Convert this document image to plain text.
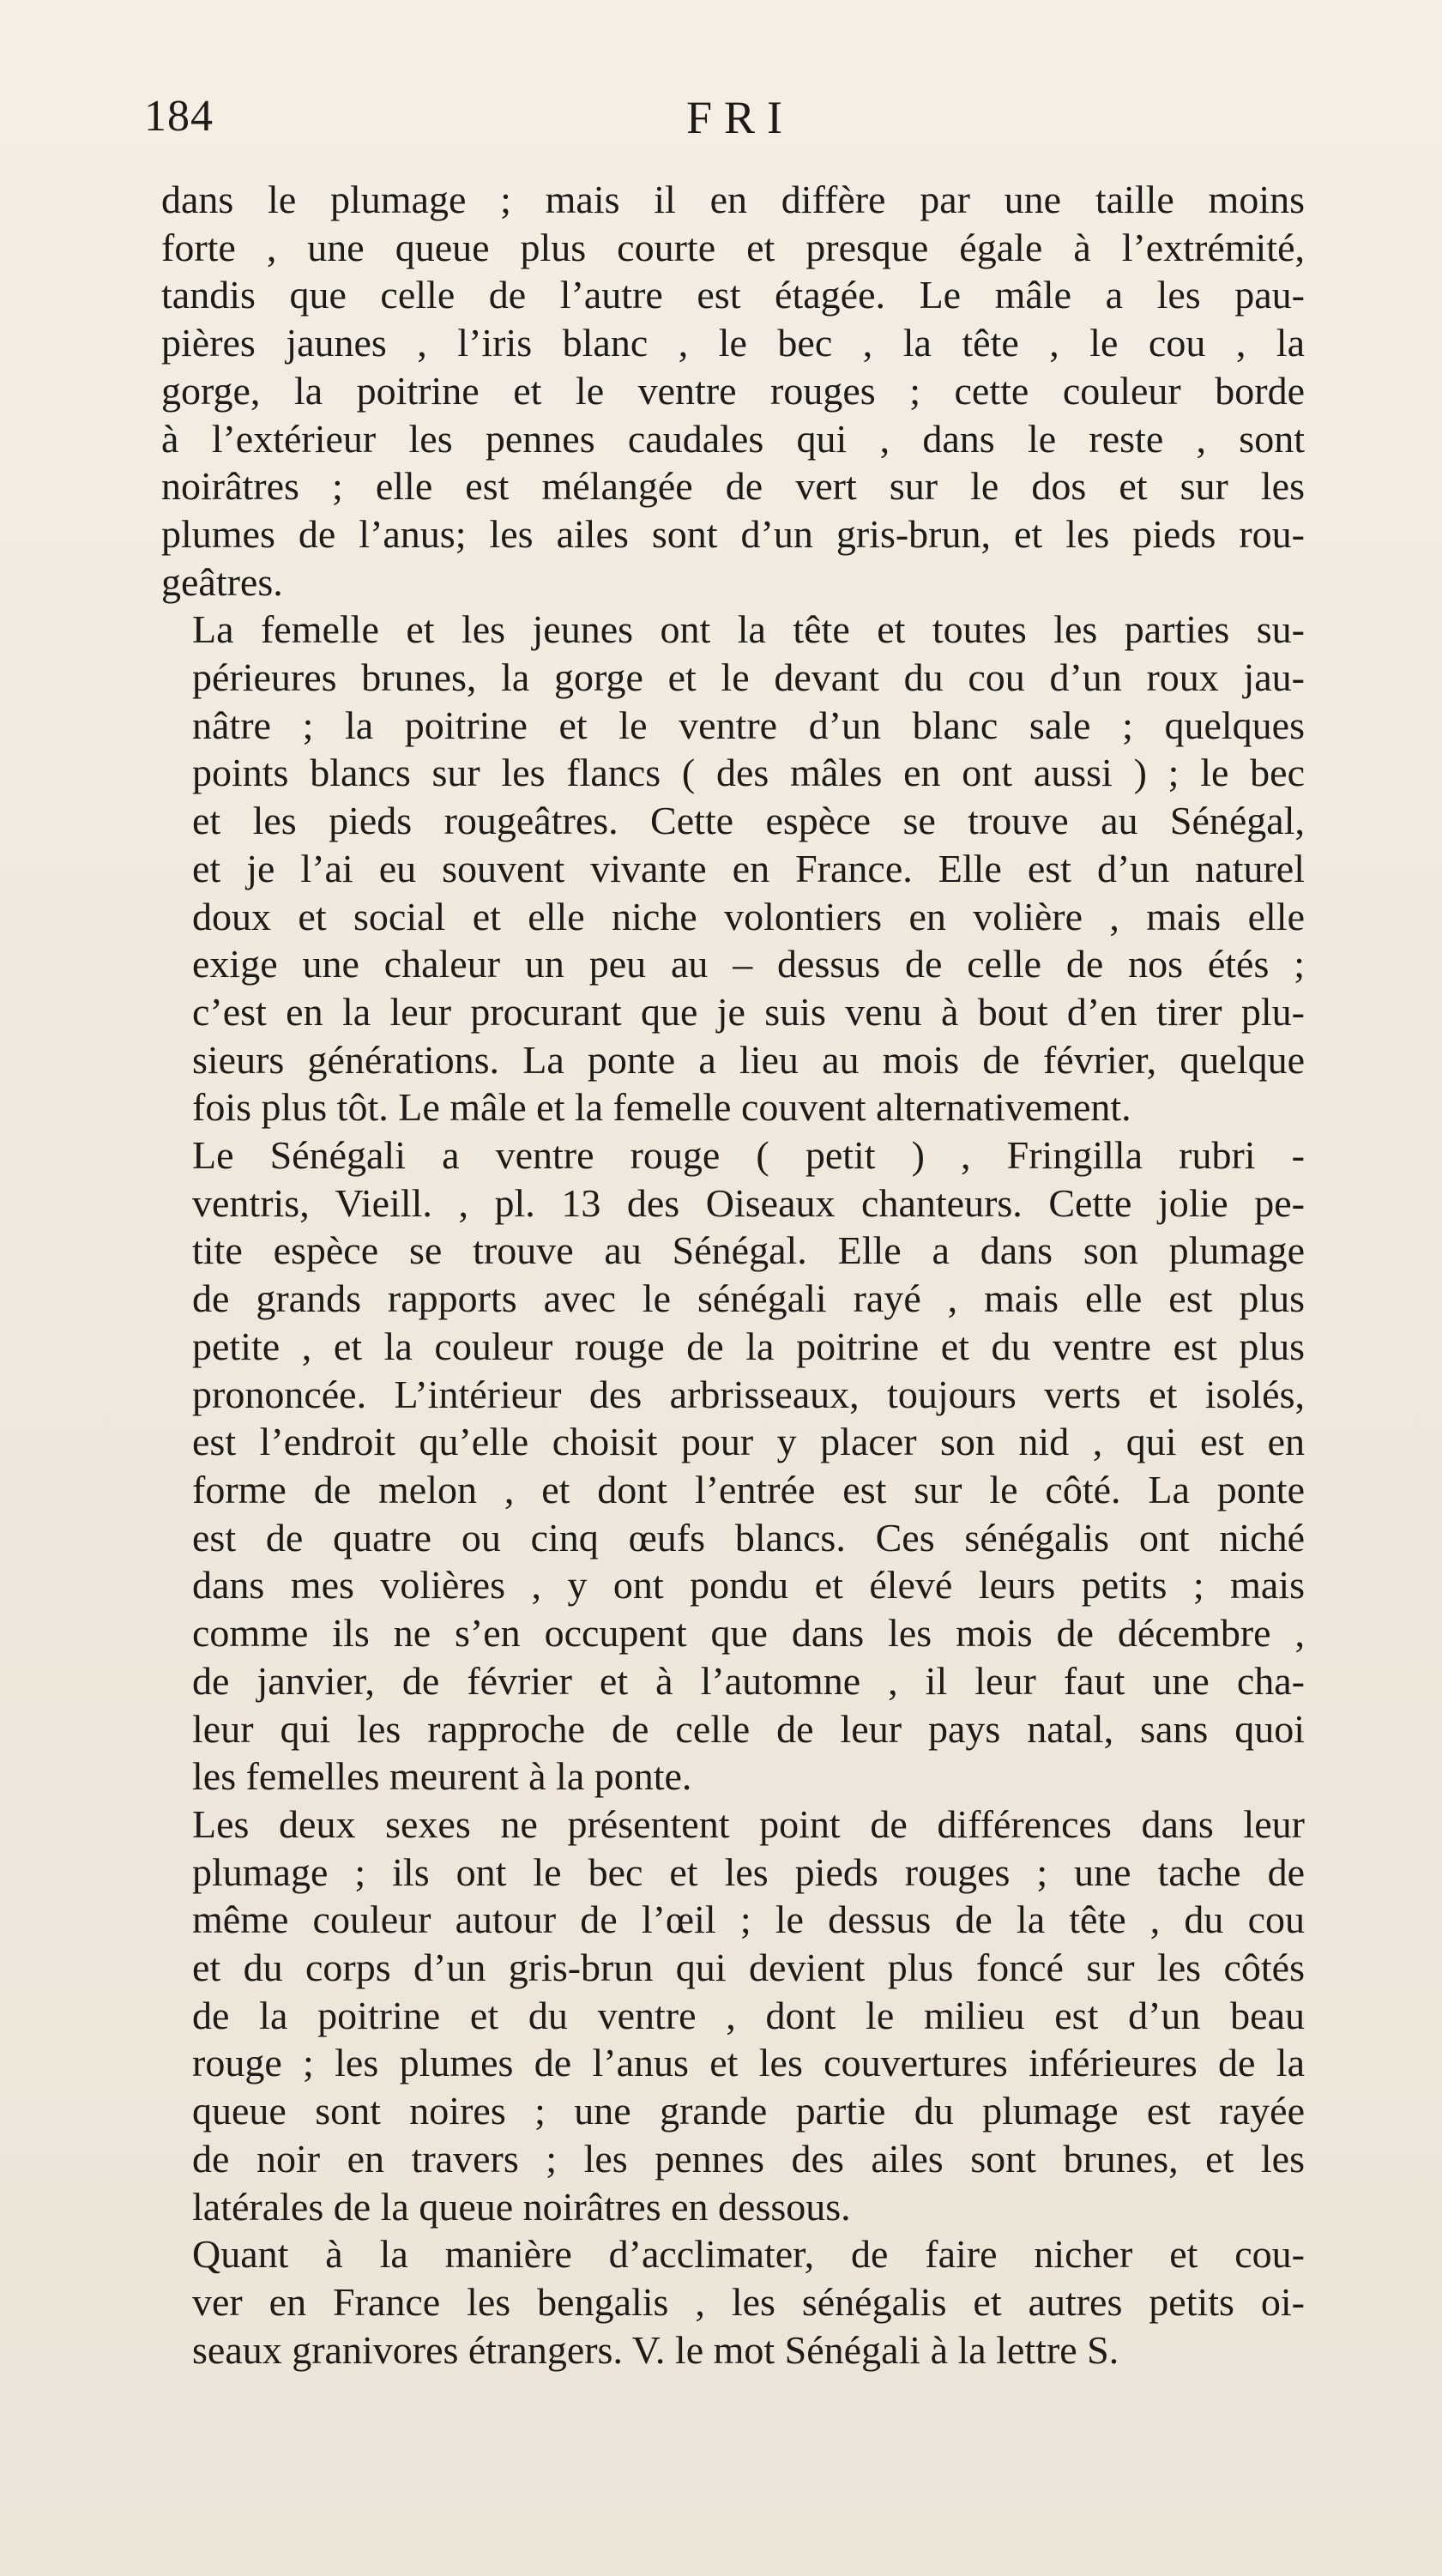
184	FRI

dans le plumage ; mais il en diffère par une taille moins
forte , une queue plus courte et presque égale à l’extrémité,
tandis que celle de l’autre est étagée. Le mâle a les pau-
pières jaunes , l’iris blanc , le bec , la tête , le cou , la
gorge, la poitrine et le ventre rouges ; cette couleur borde
à l’extérieur les pennes caudales qui , dans le reste , sont
noirâtres ; elle est mélangée de vert sur le dos et sur les
plumes de l’anus; les ailes sont d’un gris-brun, et les pieds rou-
geâtres.

La femelle et les jeunes ont la tête et toutes les parties su-
périeures brunes, la gorge et le devant du cou d’un roux jau-
nâtre ; la poitrine et le ventre d’un blanc sale ; quelques
points blancs sur les flancs ( des mâles en ont aussi ) ; le bec
et les pieds rougeâtres. Cette espèce se trouve au Sénégal,
et je l’ai eu souvent vivante en France. Elle est d’un naturel
doux et social et elle niche volontiers en volière , mais elle
exige une chaleur un peu au – dessus de celle de nos étés ;
c’est en la leur procurant que je suis venu à bout d’en tirer plu-
sieurs générations. La ponte a lieu au mois de février, quelque
fois plus tôt. Le mâle et la femelle couvent alternativement.

Le Sénégali a ventre rouge ( petit ) , Fringilla rubri -
ventris, Vieill. , pl. 13 des Oiseaux chanteurs. Cette jolie pe-
tite espèce se trouve au Sénégal. Elle a dans son plumage
de grands rapports avec le sénégali rayé , mais elle est plus
petite , et la couleur rouge de la poitrine et du ventre est plus
prononcée. L’intérieur des arbrisseaux, toujours verts et isolés,
est l’endroit qu’elle choisit pour y placer son nid , qui est en
forme de melon , et dont l’entrée est sur le côté. La ponte
est de quatre ou cinq œufs blancs. Ces sénégalis ont niché
dans mes volières , y ont pondu et élevé leurs petits ; mais
comme ils ne s’en occupent que dans les mois de décembre ,
de janvier, de février et à l’automne , il leur faut une cha-
leur qui les rapproche de celle de leur pays natal, sans quoi
les femelles meurent à la ponte.

Les deux sexes ne présentent point de différences dans leur
plumage ; ils ont le bec et les pieds rouges ; une tache de
même couleur autour de l’œil ; le dessus de la tête , du cou
et du corps d’un gris-brun qui devient plus foncé sur les côtés
de la poitrine et du ventre , dont le milieu est d’un beau
rouge ; les plumes de l’anus et les couvertures inférieures de la
queue sont noires ; une grande partie du plumage est rayée
de noir en travers ; les pennes des ailes sont brunes, et les
latérales de la queue noirâtres en dessous.

Quant à la manière d’acclimater, de faire nicher et cou-
ver en France les bengalis , les sénégalis et autres petits oi-
seaux granivores étrangers. V. le mot Sénégali à la lettre S.
